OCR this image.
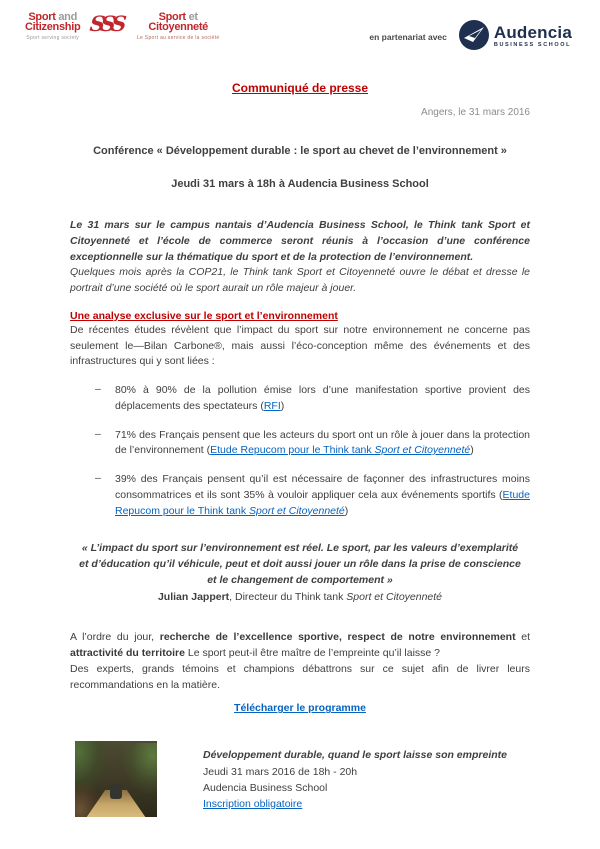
Sport and
Citizenship
Sport serving society
SSS	Sport et
Citoyenneté
Le Sport au service de la société	en partenariat avec	Audencia
BUSINESS SCHOOL
Communiqué de presse
Angers, le 31 mars 2016
Conférence « Développement durable : le sport au chevet de l’environnement »
Jeudi 31 mars à 18h à Audencia Business School
Le 31 mars sur le campus nantais d’Audencia Business School, le Think tank Sport et Citoyenneté et l’école de commerce seront réunis à l’occasion d’une conférence exceptionnelle sur la thématique du sport et de la protection de l’environnement.
Quelques mois après la COP21, le Think tank Sport et Citoyenneté ouvre le débat et dresse le portrait d’une société où le sport aurait un rôle majeur à jouer.
Une analyse exclusive sur le sport et l’environnement
De récentes études révèlent que l’impact du sport sur notre environnement ne concerne pas seulement le—Bilan Carbone®, mais aussi l’éco-conception même des événements et des infrastructures qui y sont liées :
–	80% à 90% de la pollution émise lors d’une manifestation sportive provient des déplacements des spectateurs (RFI)
–	71% des Français pensent que les acteurs du sport ont un rôle à jouer dans la protection de l’environnement (Etude Repucom pour le Think tank Sport et Citoyenneté)
–	39% des Français pensent qu’il est nécessaire de façonner des infrastructures moins consommatrices et ils sont 35% à vouloir appliquer cela aux événements sportifs (Etude Repucom pour le Think tank Sport et Citoyenneté)
« L’impact du sport sur l’environnement est réel. Le sport, par les valeurs d’exemplarité et d’éducation qu’il véhicule, peut et doit aussi jouer un rôle dans la prise de conscience et le changement de comportement »
Julian Jappert, Directeur du Think tank Sport et Citoyenneté
A l’ordre du jour, recherche de l’excellence sportive, respect de notre environnement et attractivité du territoire Le sport peut-il être maître de l’empreinte qu’il laisse ?
Des experts, grands témoins et champions débattrons sur ce sujet afin de livrer leurs recommandations en la matière.
Télécharger le programme
Développement durable, quand le sport laisse son empreinte
Jeudi 31 mars 2016 de 18h - 20h
Audencia Business School
Inscription obligatoire
